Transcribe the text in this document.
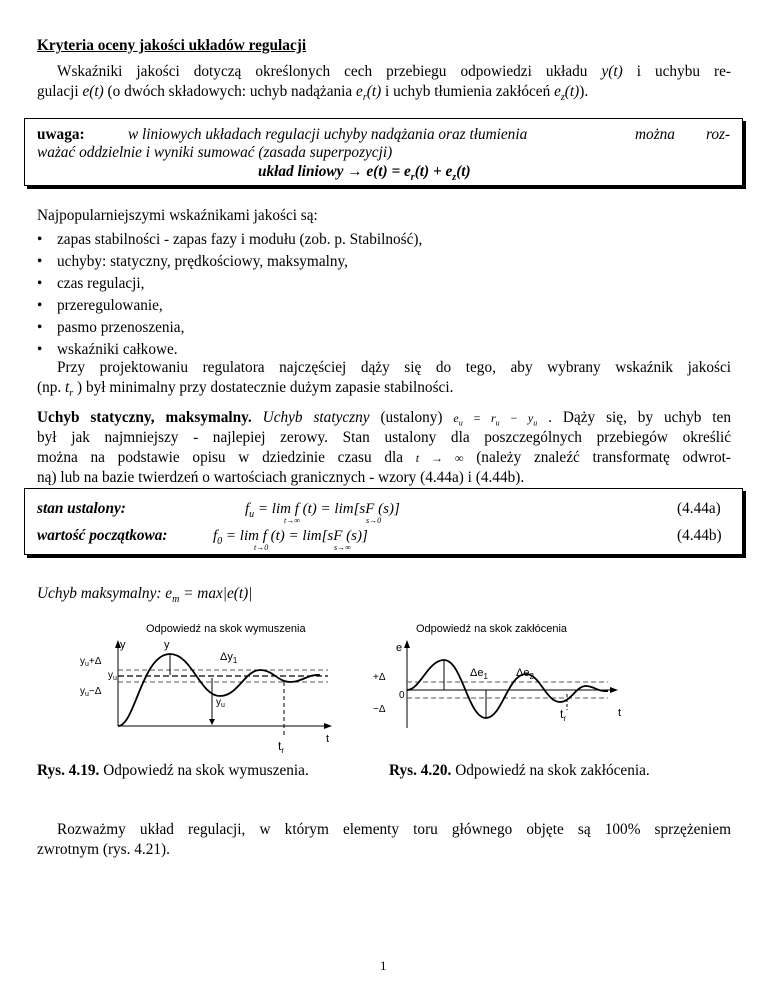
Kryteria oceny jakości układów regulacji
Wskaźniki jakości dotyczą określonych cech przebiegu odpowiedzi układu y(t) i uchybu re-
gulacji e(t) (o dwóch składowych: uchyb nadążania $e_r(t)$ i uchyb tłumienia zakłóceń $e_z(t)$).
uwaga:	w liniowych układach regulacji uchyby nadążania oraz tłumienia	można roz-
ważać oddzielnie i wyniki sumować (zasada superpozycji)
układ liniowy → $e(t) = e_r(t) + e_z(t)$
Najpopularniejszymi wskaźnikami jakości są:
• zapas stabilności - zapas fazy i modułu (zob. p. Stabilność),
• uchyby: statyczny, prędkościowy, maksymalny,
• czas regulacji,
• przeregulowanie,
• pasmo przenoszenia,
• wskaźniki całkowe.
Przy projektowaniu regulatora najczęściej dąży się do tego, aby wybrany wskaźnik jakości
(np. $t_r$ ) był minimalny przy dostatecznie dużym zapasie stabilności.
Uchyb statyczny, maksymalny. Uchyb statyczny (ustalony) $e_u = r_u - y_u$ . Dąży się, by uchyb ten
był jak najmniejszy - najlepiej zerowy. Stan ustalony dla poszczególnych przebiegów określić
można na podstawie opisu w dziedzinie czasu dla t → ∞ (należy znaleźć transformatę odwrot-
ną) lub na bazie twierdzeń o wartościach granicznych - wzory (4.44a) i (4.44b).
stan ustalony:	$f_u = \lim f$ (t) = lim[sF (s)]
t→∞	s→0
(4.44a)
wartość początkowa:	$f_0 = \lim f$ (t) = lim[sF (s)]
t→0	s→∞
(4.44b)
Uchyb maksymalny: $e_m = \max|e(t)|$
Odpowiedź na skok wymuszenia
y	y
$\Delta y_1$
$y_u+\Delta$
$y_u$
$y_u-\Delta$
$y_u$
$t_r$
t
Odpowiedź na skok zakłócenia
e
+Δ
0
−Δ
$\Delta e_1$	$\Delta e_2$
$t_r$	t
Rys. 4.19. Odpowiedź na skok wymuszenia.	Rys. 4.20. Odpowiedź na skok zakłócenia.
Rozważmy układ regulacji, w którym elementy toru głównego objęte są 100% sprzężeniem
zwrotnym (rys. 4.21).
1
